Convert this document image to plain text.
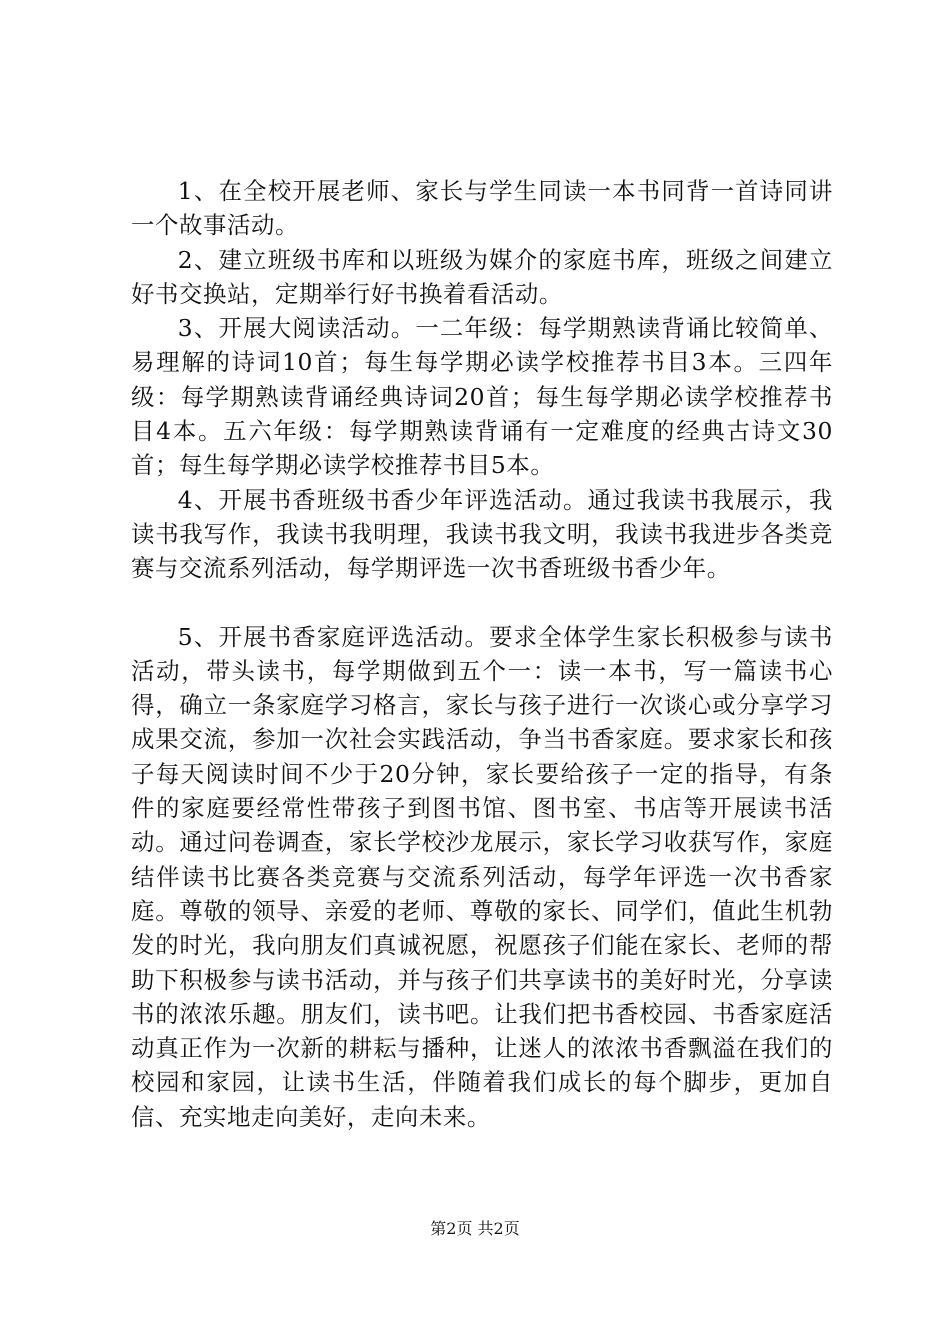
1、在全校开展老师、家长与学生同读一本书同背一首诗同讲一个故事活动。

2、建立班级书库和以班级为媒介的家庭书库，班级之间建立好书交换站，定期举行好书换着看活动。

3、开展大阅读活动。一二年级：每学期熟读背诵比较简单、易理解的诗词10首；每生每学期必读学校推荐书目3本。三四年级：每学期熟读背诵经典诗词20首；每生每学期必读学校推荐书目4本。五六年级：每学期熟读背诵有一定难度的经典古诗文30首；每生每学期必读学校推荐书目5本。

4、开展书香班级书香少年评选活动。通过我读书我展示，我读书我写作，我读书我明理，我读书我文明，我读书我进步各类竞赛与交流系列活动，每学期评选一次书香班级书香少年。

5、开展书香家庭评选活动。要求全体学生家长积极参与读书活动，带头读书，每学期做到五个一：读一本书，写一篇读书心得，确立一条家庭学习格言，家长与孩子进行一次谈心或分享学习成果交流，参加一次社会实践活动，争当书香家庭。要求家长和孩子每天阅读时间不少于20分钟，家长要给孩子一定的指导，有条件的家庭要经常性带孩子到图书馆、图书室、书店等开展读书活动。通过问卷调查，家长学校沙龙展示，家长学习收获写作，家庭结伴读书比赛各类竞赛与交流系列活动，每学年评选一次书香家庭。尊敬的领导、亲爱的老师、尊敬的家长、同学们，值此生机勃发的时光，我向朋友们真诚祝愿，祝愿孩子们能在家长、老师的帮助下积极参与读书活动，并与孩子们共享读书的美好时光，分享读书的浓浓乐趣。朋友们，读书吧。让我们把书香校园、书香家庭活动真正作为一次新的耕耘与播种，让迷人的浓浓书香飘溢在我们的校园和家园，让读书生活，伴随着我们成长的每个脚步，更加自信、充实地走向美好，走向未来。

第2页 共2页
